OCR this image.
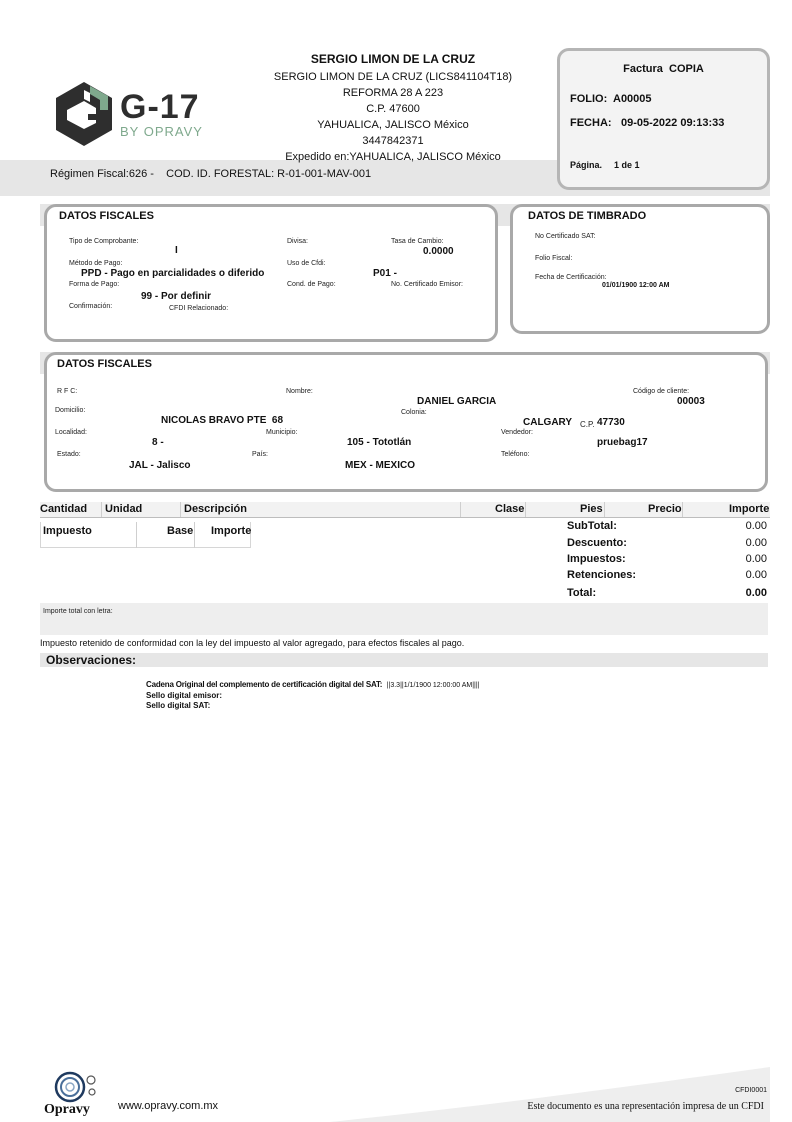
G-17
BY OPRAVY
SERGIO LIMON DE LA CRUZ
SERGIO LIMON DE LA CRUZ (LICS841104T18)
REFORMA 28 A 223
C.P. 47600
YAHUALICA, JALISCO México
3447842371
Expedido en:YAHUALICA, JALISCO México
Régimen Fiscal:626 -    COD. ID. FORESTAL: R-01-001-MAV-001
Factura  COPIA
FOLIO: A00005
FECHA: 09-05-2022 09:13:33
Página. 1 de 1
DATOS FISCALES
Tipo de Comprobante:
I
Divisa:	Tasa de Cambio:
0.0000
Método de Pago:
PPD - Pago en parcialidades o diferido
Uso de Cfdi:
P01 -
Forma de Pago:
99 - Por definir
Cond. de Pago:	No. Certificado Emisor:
Confirmación:	CFDI Relacionado:
DATOS DE TIMBRADO
No Certificado SAT:
Folio Fiscal:
Fecha de Certificación:
01/01/1900 12:00 AM
DATOS FISCALES
R F C:	Nombre:
DANIEL GARCIA
Código de cliente:
00003
Domicilio:
NICOLAS BRAVO PTE  68
Colonia:
CALGARY C.P. 47730
Localidad:
8 -
Municipio:
105 - Tototlán
Vendedor:
pruebag17
Estado:
JAL - Jalisco
País:
MEX - MEXICO
Teléfono:
Cantidad Unidad	Descripción	Clase	Pies	Precio	Importe
Impuesto	Base Importe	SubTotal:	0.00
Descuento:	0.00
Impuestos:	0.00
Retenciones:	0.00
Total:	0.00
Importe total con letra:
Impuesto retenido de conformidad con la ley del impuesto al valor agregado, para efectos fiscales al pago.
Observaciones:
Cadena Original del complemento de certificación digital del SAT: ||3.3||1/1/1900 12:00:00 AM||||
Sello digital emisor:
Sello digital SAT:
Opravy	www.opravy.com.mx
CFDI0001
Este documento es una representación impresa de un CFDI
